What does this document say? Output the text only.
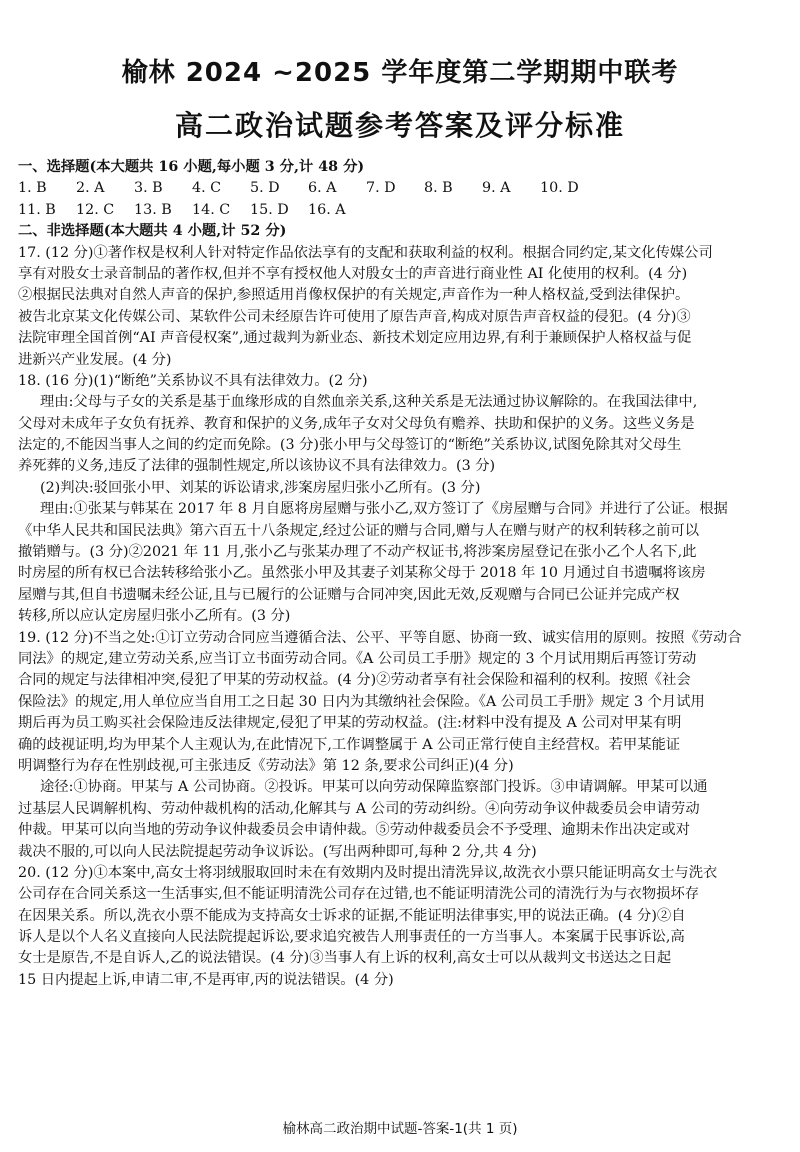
榆林 2024 ~2025 学年度第二学期期中联考
高二政治试题参考答案及评分标准
一、选择题(本大题共 16 小题,每小题 3 分,计 48 分)
1. B 2. A 3. B 4. C 5. D 6. A 7. D 8. B 9. A 10. D
11. B 12. C 13. B 14. C 15. D 16. A
二、非选择题(本大题共 4 小题,计 52 分)
17. (12 分)①著作权是权利人针对特定作品依法享有的支配和获取利益的权利。根据合同约定,某文化传媒公司
享有对股女士录音制品的著作权,但并不享有授权他人对殷女士的声音进行商业性 AI 化使用的权利。(4 分)
②根据民法典对自然人声音的保护,参照适用肖像权保护的有关规定,声音作为一种人格权益,受到法律保护。
被告北京某文化传媒公司、某软件公司未经原告许可使用了原告声音,构成对原告声音权益的侵犯。(4 分)③
法院审理全国首例“AI 声音侵权案”,通过裁判为新业态、新技术划定应用边界,有利于兼顾保护人格权益与促
进新兴产业发展。(4 分)
18. (16 分)(1)“断绝”关系协议不具有法律效力。(2 分)
理由:父母与子女的关系是基于血缘形成的自然血亲关系,这种关系是无法通过协议解除的。在我国法律中,
父母对未成年子女负有抚养、教育和保护的义务,成年子女对父母负有赡养、扶助和保护的义务。这些义务是
法定的,不能因当事人之间的约定而免除。(3 分)张小甲与父母签订的“断绝”关系协议,试图免除其对父母生
养死葬的义务,违反了法律的强制性规定,所以该协议不具有法律效力。(3 分)
(2)判决:驳回张小甲、刘某的诉讼请求,涉案房屋归张小乙所有。(3 分)
理由:①张某与韩某在 2017 年 8 月自愿将房屋赠与张小乙,双方签订了《房屋赠与合同》并进行了公证。根据
《中华人民共和国民法典》第六百五十八条规定,经过公证的赠与合同,赠与人在赠与财产的权利转移之前可以
撤销赠与。(3 分)②2021 年 11 月,张小乙与张某办理了不动产权证书,将涉案房屋登记在张小乙个人名下,此
时房屋的所有权已合法转移给张小乙。虽然张小甲及其妻子刘某称父母于 2018 年 10 月通过自书遗嘱将该房
屋赠与其,但自书遗嘱未经公证,且与已履行的公证赠与合同冲突,因此无效,反观赠与合同已公证并完成产权
转移,所以应认定房屋归张小乙所有。(3 分)
19. (12 分)不当之处:①订立劳动合同应当遵循合法、公平、平等自愿、协商一致、诚实信用的原则。按照《劳动合
同法》的规定,建立劳动关系,应当订立书面劳动合同。《A 公司员工手册》规定的 3 个月试用期后再签订劳动
合同的规定与法律相冲突,侵犯了甲某的劳动权益。(4 分)②劳动者享有社会保险和福利的权利。按照《社会
保险法》的规定,用人单位应当自用工之日起 30 日内为其缴纳社会保险。《A 公司员工手册》规定 3 个月试用
期后再为员工购买社会保险违反法律规定,侵犯了甲某的劳动权益。(注:材料中没有提及 A 公司对甲某有明
确的歧视证明,均为甲某个人主观认为,在此情况下,工作调整属于 A 公司正常行使自主经营权。若甲某能证
明调整行为存在性别歧视,可主张违反《劳动法》第 12 条,要求公司纠正)(4 分)
途径:①协商。甲某与 A 公司协商。②投诉。甲某可以向劳动保障监察部门投诉。③申请调解。甲某可以通
过基层人民调解机构、劳动仲裁机构的活动,化解其与 A 公司的劳动纠纷。④向劳动争议仲裁委员会申请劳动
仲裁。甲某可以向当地的劳动争议仲裁委员会申请仲裁。⑤劳动仲裁委员会不予受理、逾期未作出决定或对
裁决不服的,可以向人民法院提起劳动争议诉讼。(写出两种即可,每种 2 分,共 4 分)
20. (12 分)①本案中,高女士将羽绒服取回时未在有效期内及时提出清洗异议,故洗衣小票只能证明高女士与洗衣
公司存在合同关系这一生活事实,但不能证明清洗公司存在过错,也不能证明清洗公司的清洗行为与衣物损坏存
在因果关系。所以,洗衣小票不能成为支持高女士诉求的证据,不能证明法律事实,甲的说法正确。(4 分)②自
诉人是以个人名义直接向人民法院提起诉讼,要求追究被告人刑事责任的一方当事人。本案属于民事诉讼,高
女士是原告,不是自诉人,乙的说法错误。(4 分)③当事人有上诉的权利,高女士可以从裁判文书送达之日起
15 日内提起上诉,申请二审,不是再审,丙的说法错误。(4 分)
榆林高二政治期中试题-答案-1(共 1 页)
